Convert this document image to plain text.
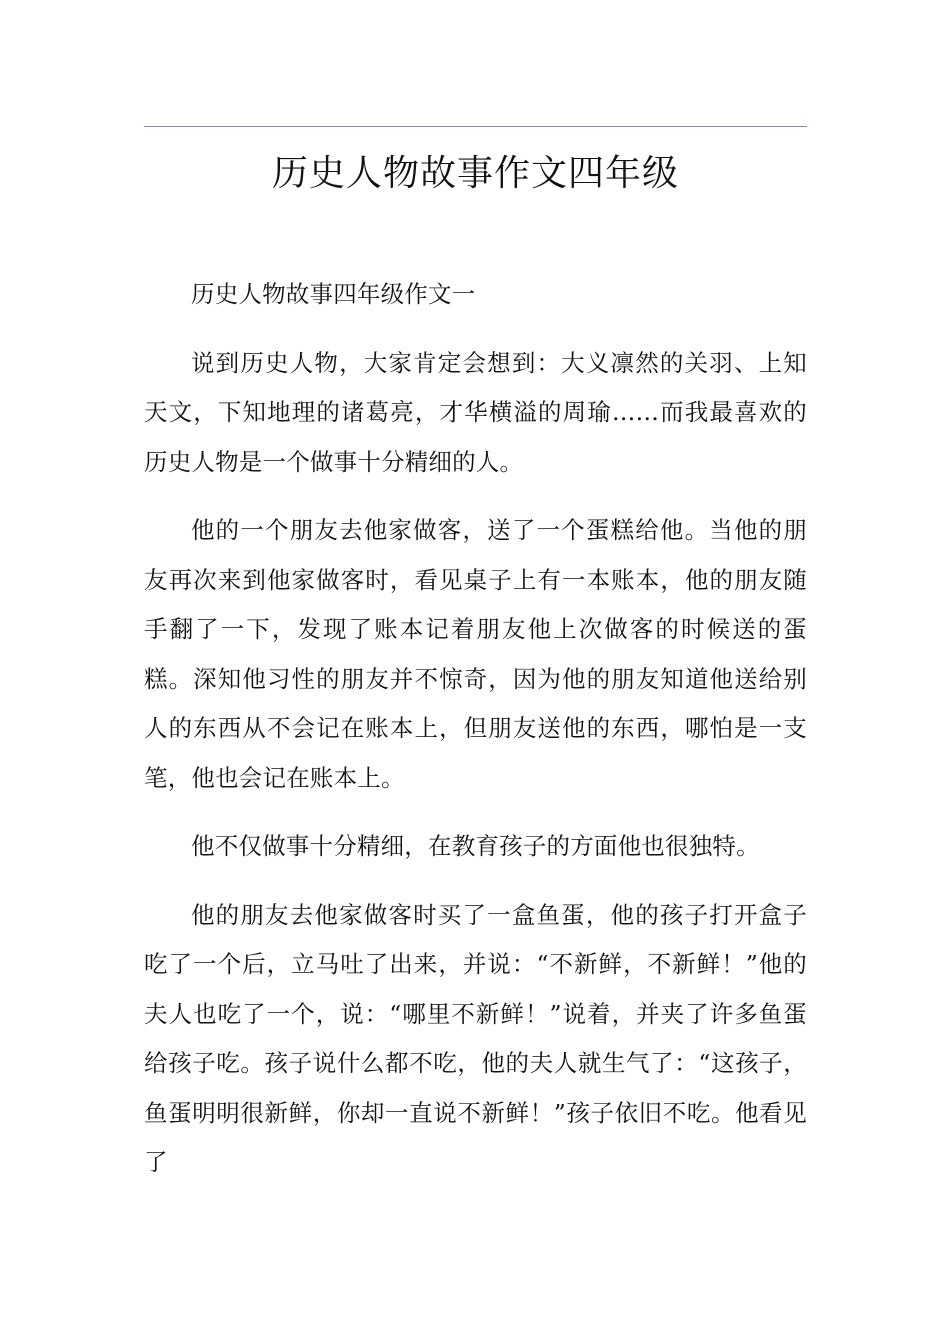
历史人物故事作文四年级

历史人物故事四年级作文一

说到历史人物，大家肯定会想到：大义凛然的关羽、上知天文，下知地理的诸葛亮，才华横溢的周瑜……而我最喜欢的历史人物是一个做事十分精细的人。

他的一个朋友去他家做客，送了一个蛋糕给他。当他的朋友再次来到他家做客时，看见桌子上有一本账本，他的朋友随手翻了一下，发现了账本记着朋友他上次做客的时候送的蛋糕。深知他习性的朋友并不惊奇，因为他的朋友知道他送给别人的东西从不会记在账本上，但朋友送他的东西，哪怕是一支笔，他也会记在账本上。

他不仅做事十分精细，在教育孩子的方面他也很独特。

他的朋友去他家做客时买了一盒鱼蛋，他的孩子打开盒子吃了一个后，立马吐了出来，并说：“不新鲜，不新鲜！”他的夫人也吃了一个，说：“哪里不新鲜！”说着，并夹了许多鱼蛋给孩子吃。孩子说什么都不吃，他的夫人就生气了：“这孩子，鱼蛋明明很新鲜，你却一直说不新鲜！”孩子依旧不吃。他看见了
